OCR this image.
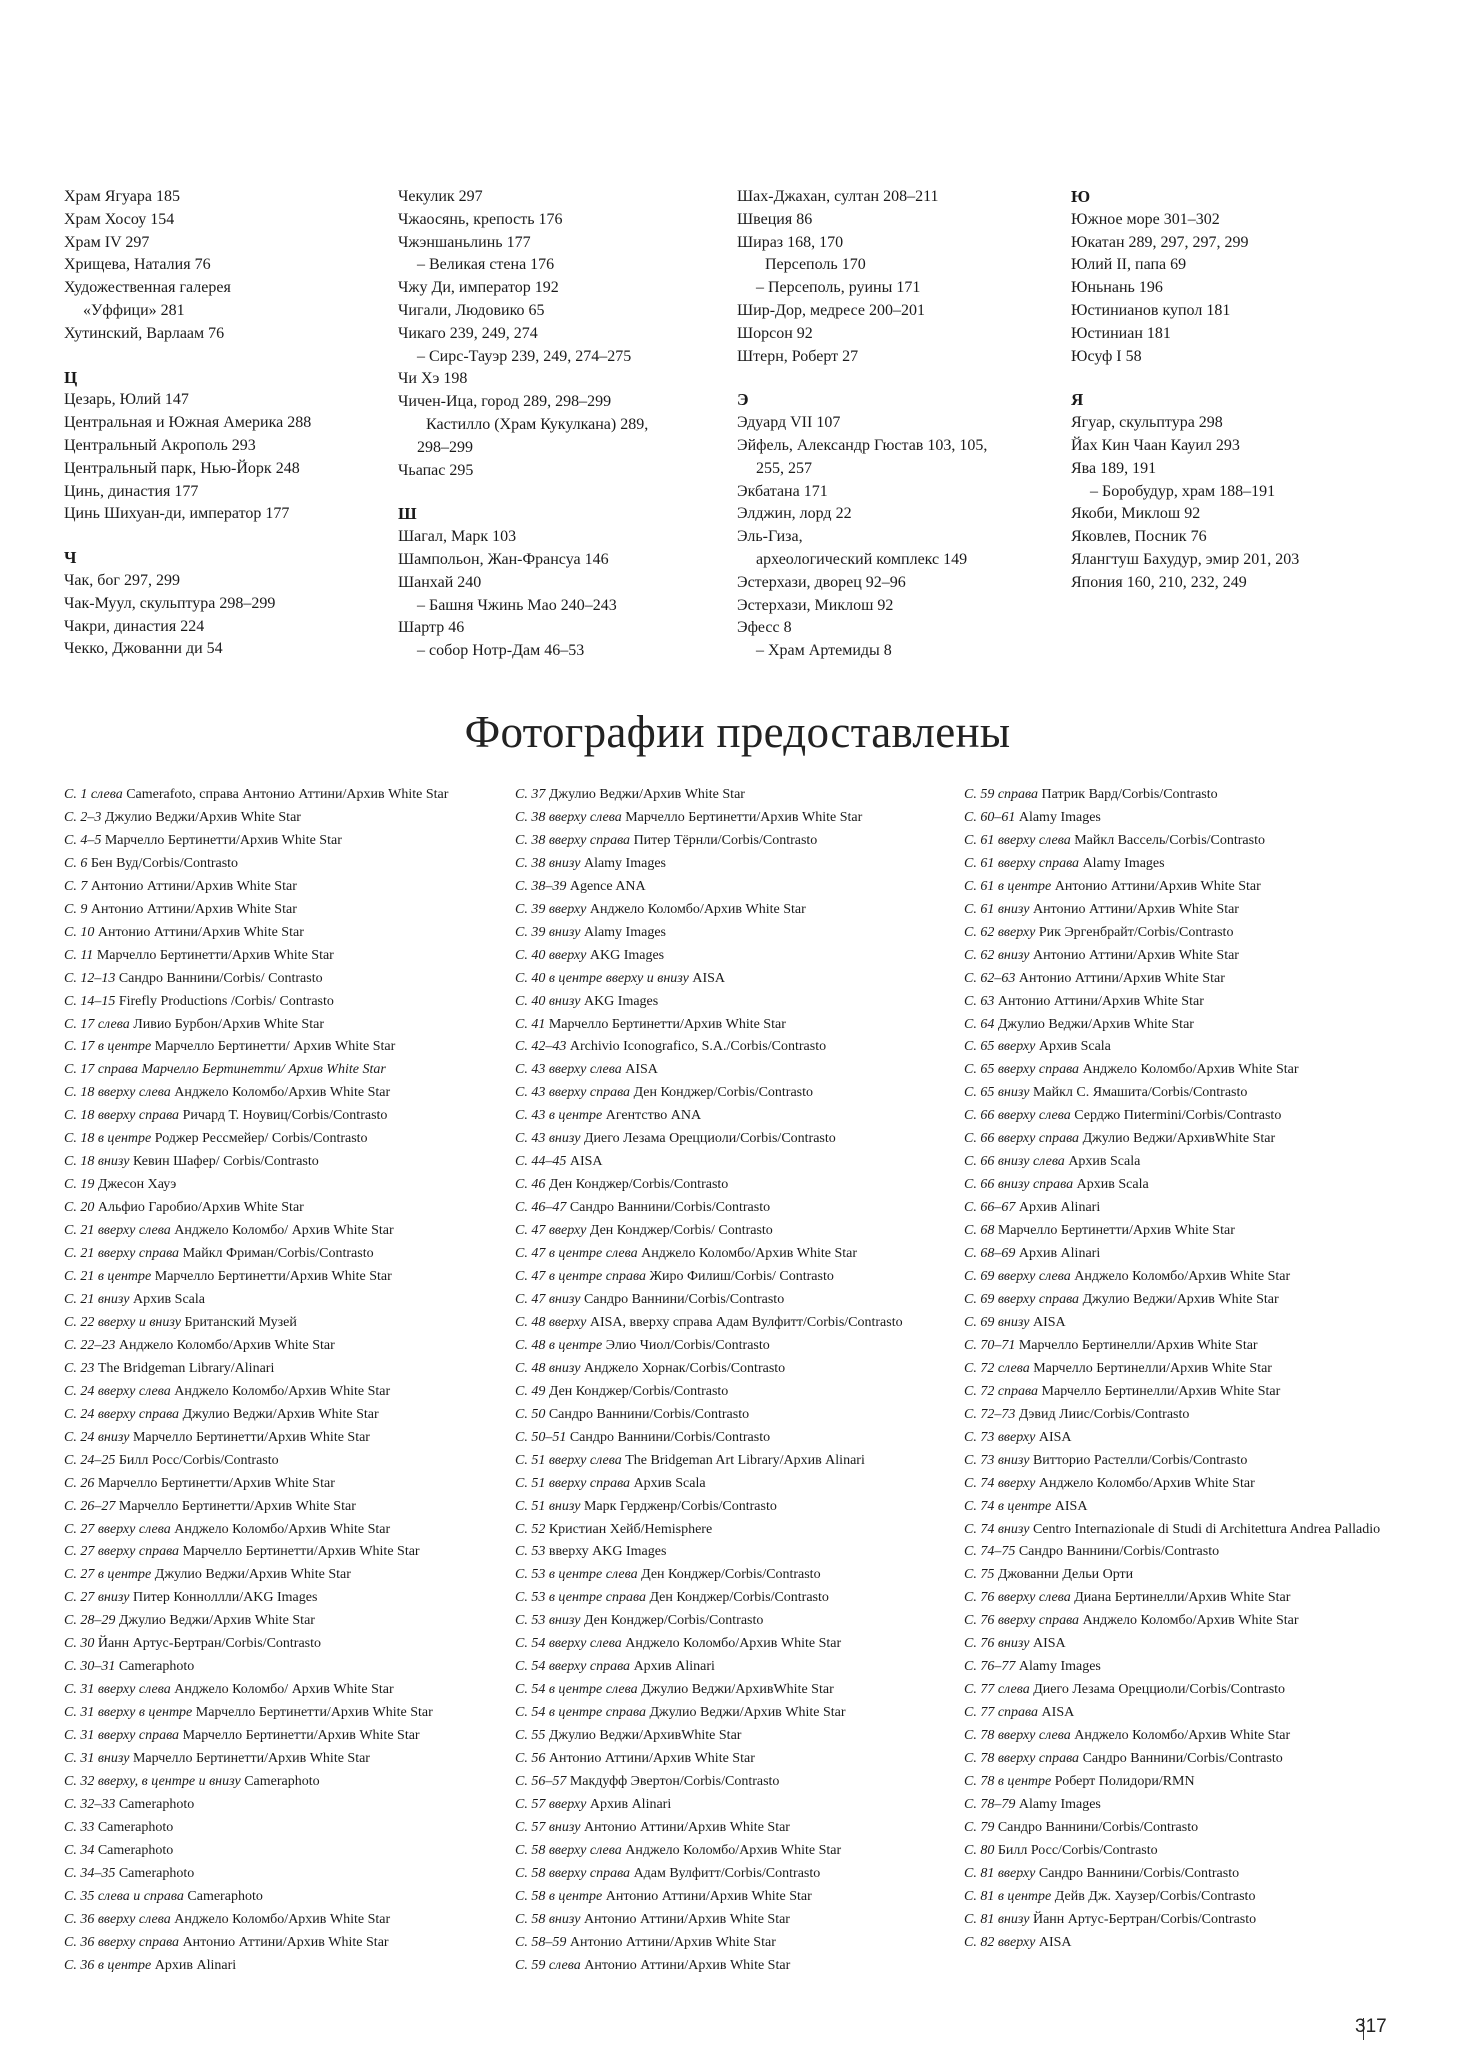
Храм Ягуара 185

Храм Хосоу 154

Храм IV 297

Хрищева, Наталия 76

Художественная галерея

«Уффици» 281

Хутинский, Варлаам 76

Ц

Цезарь, Юлий 147

Центральная и Южная Америка 288

Центральный Акрополь 293

Центральный парк, Нью-Йорк 248

Цинь, династия 177

Цинь Шихуан-ди, император 177

Ч

Чак, бог 297, 299

Чак-Муул, скульптура 298–299

Чакри, династия 224

Чекко, Джованни ди 54

Чекулик 297

Чжаосянь, крепость 176

Чжэншаньлинь 177

– Великая стена 176

Чжу Ди, император 192

Чигали, Людовико 65

Чикаго 239, 249, 274

– Сирс-Тауэр 239, 249, 274–275

Чи Хэ 198

Чичен-Ица, город 289, 298–299

Кастилло (Храм Кукулкана) 289,

298–299

Чьапас 295

Ш

Шагал, Марк 103

Шампольон, Жан-Франсуа 146

Шанхай 240

– Башня Чжинь Мао 240–243

Шартр 46

– собор Нотр-Дам 46–53

Шах-Джахан, султан 208–211

Швеция 86

Шираз 168, 170

Персеполь 170

– Персеполь, руины 171

Шир-Дор, медресе 200–201

Шорсон 92

Штерн, Роберт 27

Э

Эдуард VII 107

Эйфель, Александр Гюстав 103, 105,

255, 257

Экбатана 171

Элджин, лорд 22

Эль-Гиза,

археологический комплекс 149

Эстерхази, дворец 92–96

Эстерхази, Миклош 92

Эфесс 8

– Храм Артемиды 8

Ю

Южное море 301–302

Юкатан 289, 297, 297, 299

Юлий II, папа 69

Юньнань 196

Юстинианов купол 181

Юстиниан 181

Юсуф I 58

Я

Ягуар, скульптура 298

Йах Кин Чаан Кауил 293

Ява 189, 191

– Боробудур, храм 188–191

Якоби, Миклош 92

Яковлев, Посник 76

Ялангтуш Бахудур, эмир 201, 203

Япония 160, 210, 232, 249

Фотографии предоставлены

С. 1 слева Camerafoto, справа Антонио Аттини/Архив White Star

С. 2–3 Джулио Веджи/Архив White Star

С. 4–5 Марчелло Бертинетти/Архив White Star

С. 6 Бен Вуд/Corbis/Contrasto

С. 7 Антонио Аттини/Архив White Star

С. 9 Антонио Аттини/Архив White Star

С. 10 Антонио Аттини/Архив White Star

С. 11 Марчелло Бертинетти/Архив White Star

С. 12–13 Сандро Ваннини/Corbis/ Contrasto

С. 14–15 Firefly Productions /Corbis/ Contrasto

С. 17 слева Ливио Бурбон/Архив White Star

С. 17 в центре Марчелло Бертинетти/ Архив White Star

С. 17 справа Марчелло Бертинетти/ Архив White Star

С. 18 вверху слева Анджело Коломбо/Архив White Star

С. 18 вверху справа Ричард Т. Ноувиц/Corbis/Contrasto

С. 18 в центре Роджер Рессмейер/ Corbis/Contrasto

С. 18 внизу Кевин Шафер/ Corbis/Contrasto

С. 19 Джесон Хауэ

С. 20 Альфио Гаробио/Архив White Star

С. 21 вверху слева Анджело Коломбо/ Архив White Star

С. 21 вверху справа Майкл Фриман/Corbis/Contrasto

С. 21 в центре Марчелло Бертинетти/Архив White Star

С. 21 внизу Архив Scala

С. 22 вверху и внизу Британский Музей

С. 22–23 Анджело Коломбо/Архив White Star

С. 23 The Bridgeman Library/Alinari

С. 24 вверху слева Анджело Коломбо/Архив White Star

С. 24 вверху справа Джулио Веджи/Архив White Star

С. 24 внизу Марчелло Бертинетти/Архив White Star

С. 24–25 Билл Росс/Corbis/Contrasto

С. 26 Марчелло Бертинетти/Архив White Star

С. 26–27 Марчелло Бертинетти/Архив White Star

С. 27 вверху слева Анджело Коломбо/Архив White Star

С. 27 вверху справа Марчелло Бертинетти/Архив White Star

С. 27 в центре Джулио Веджи/Архив White Star

С. 27 внизу Питер Конноллли/AKG Images

С. 28–29 Джулио Веджи/Архив White Star

С. 30 Йанн Артус-Бертран/Corbis/Contrasto

С. 30–31 Cameraphoto

С. 31 вверху слева Анджело Коломбо/ Архив White Star

С. 31 вверху в центре Марчелло Бертинетти/Архив White Star

С. 31 вверху справа Марчелло Бертинетти/Архив White Star

С. 31 внизу Марчелло Бертинетти/Архив White Star

С. 32 вверху, в центре и внизу Cameraphoto

С. 32–33 Cameraphoto

С. 33 Cameraphoto

С. 34 Cameraphoto

С. 34–35 Cameraphoto

С. 35 слева и справа Cameraphoto

С. 36 вверху слева Анджело Коломбо/Архив White Star

С. 36 вверху справа Антонио Аттини/Архив White Star

С. 36 в центре Архив Alinari

С. 37 Джулио Веджи/Архив White Star

С. 38 вверху слева Марчелло Бертинетти/Архив White Star

С. 38 вверху справа Питер Тёрнли/Corbis/Contrasto

С. 38 внизу Alamy Images

С. 38–39 Agence ANA

С. 39 вверху Анджело Коломбо/Архив White Star

С. 39 внизу Alamy Images

С. 40 вверху AKG Images

С. 40 в центре вверху и внизу AISA

С. 40 внизу AKG Images

С. 41 Марчелло Бертинетти/Архив White Star

С. 42–43 Archivio Iconografico, S.A./Corbis/Contrasto

С. 43 вверху слева AISA

С. 43 вверху справа Ден Конджер/Corbis/Contrasto

С. 43 в центре Агентство ANA

С. 43 внизу Диего Лезама Орецциоли/Corbis/Contrasto

С. 44–45 AISA

С. 46 Ден Конджер/Corbis/Contrasto

С. 46–47 Сандро Ваннини/Corbis/Contrasto

С. 47 вверху Ден Конджер/Corbis/ Contrasto

С. 47 в центре слева Анджело Коломбо/Архив White Star

С. 47 в центре справа Жиро Филиш/Corbis/ Contrasto

С. 47 внизу Сандро Ваннини/Corbis/Contrasto

С. 48 вверху AISA, вверху справа Адам Вулфитт/Corbis/Contrasto

С. 48 в центре Элио Чиол/Corbis/Contrasto

С. 48 внизу Анджело Хорнак/Corbis/Contrasto

С. 49 Ден Конджер/Corbis/Contrasto

С. 50 Сандро Ваннини/Corbis/Contrasto

С. 50–51 Сандро Ваннини/Corbis/Contrasto

С. 51 вверху слева The Bridgeman Art Library/Архив Alinari

С. 51 вверху справа Архив Scala

С. 51 внизу Марк Гердженр/Corbis/Contrasto

С. 52 Кристиан Хейб/Hemisphere

С. 53 вверху AKG Images

С. 53 в центре слева Ден Конджер/Corbis/Contrasto

С. 53 в центре справа Ден Конджер/Corbis/Contrasto

С. 53 внизу Ден Конджер/Corbis/Contrasto

С. 54 вверху слева Анджело Коломбо/Архив White Star

С. 54 вверху справа Архив Alinari

С. 54 в центре слева Джулио Веджи/АрхивWhite Star

С. 54 в центре справа Джулио Веджи/Архив White Star

С. 55 Джулио Веджи/АрхивWhite Star

С. 56 Антонио Аттини/Архив White Star

С. 56–57 Макдуфф Эвертон/Corbis/Contrasto

С. 57 вверху Архив Alinari

С. 57 внизу Антонио Аттини/Архив White Star

С. 58 вверху слева Анджело Коломбо/Архив White Star

С. 58 вверху справа Адам Вулфитт/Corbis/Contrasto

С. 58 в центре Антонио Аттини/Архив White Star

С. 58 внизу Антонио Аттини/Архив White Star

С. 58–59 Антонио Аттини/Архив White Star

С. 59 слева Антонио Аттини/Архив White Star

С. 59 справа Патрик Вард/Corbis/Contrasto

С. 60–61 Alamy Images

С. 61 вверху слева Майкл Вассель/Corbis/Contrasto

С. 61 вверху справа Alamy Images

С. 61 в центре Антонио Аттини/Архив White Star

С. 61 внизу Антонио Аттини/Архив White Star

С. 62 вверху Рик Эргенбрайт/Corbis/Contrasto

С. 62 внизу Антонио Аттини/Архив White Star

С. 62–63 Антонио Аттини/Архив White Star

С. 63 Антонио Аттини/Архив White Star

С. 64 Джулио Веджи/Архив White Star

С. 65 вверху Архив Scala

С. 65 вверху справа Анджело Коломбо/Архив White Star

С. 65 внизу Майкл С. Ямашита/Corbis/Contrasto

С. 66 вверху слева Серджо Пиtermini/Corbis/Contrasto

С. 66 вверху справа Джулио Веджи/АрхивWhite Star

С. 66 внизу слева Архив Scala

С. 66 внизу справа Архив Scala

С. 66–67 Архив Alinari

С. 68 Марчелло Бертинетти/Архив White Star

С. 68–69 Архив Alinari

С. 69 вверху слева Анджело Коломбо/Архив White Star

С. 69 вверху справа Джулио Веджи/Архив White Star

С. 69 внизу AISA

С. 70–71 Марчелло Бертинелли/Архив White Star

С. 72 слева Марчелло Бертинелли/Архив White Star

С. 72 справа Марчелло Бертинелли/Архив White Star

С. 72–73 Дэвид Лиис/Corbis/Contrasto

С. 73 вверху AISA

С. 73 внизу Витторио Растелли/Corbis/Contrasto

С. 74 вверху Анджело Коломбо/Архив White Star

С. 74 в центре AISA

С. 74 внизу Centro Internazionale di Studi di Architettura Andrea Palladio

С. 74–75 Сандро Ваннини/Corbis/Contrasto

С. 75 Джованни Дельи Орти

С. 76 вверху слева Диана Бертинелли/Архив White Star

С. 76 вверху справа Анджело Коломбо/Архив White Star

С. 76 внизу AISA

С. 76–77 Alamy Images

С. 77 слева Диего Лезама Орецциоли/Corbis/Contrasto

С. 77 справа AISA

С. 78 вверху слева Анджело Коломбо/Архив White Star

С. 78 вверху справа Сандро Ваннини/Corbis/Contrasto

С. 78 в центре Роберт Полидори/RMN

С. 78–79 Alamy Images

С. 79 Сандро Ваннини/Corbis/Contrasto

С. 80 Билл Росс/Corbis/Contrasto

С. 81 вверху Сандро Ваннини/Corbis/Contrasto

С. 81 в центре Дейв Дж. Хаузер/Corbis/Contrasto

С. 81 внизу Йанн Артус-Бертран/Corbis/Contrasto

С. 82 вверху AISA

317
